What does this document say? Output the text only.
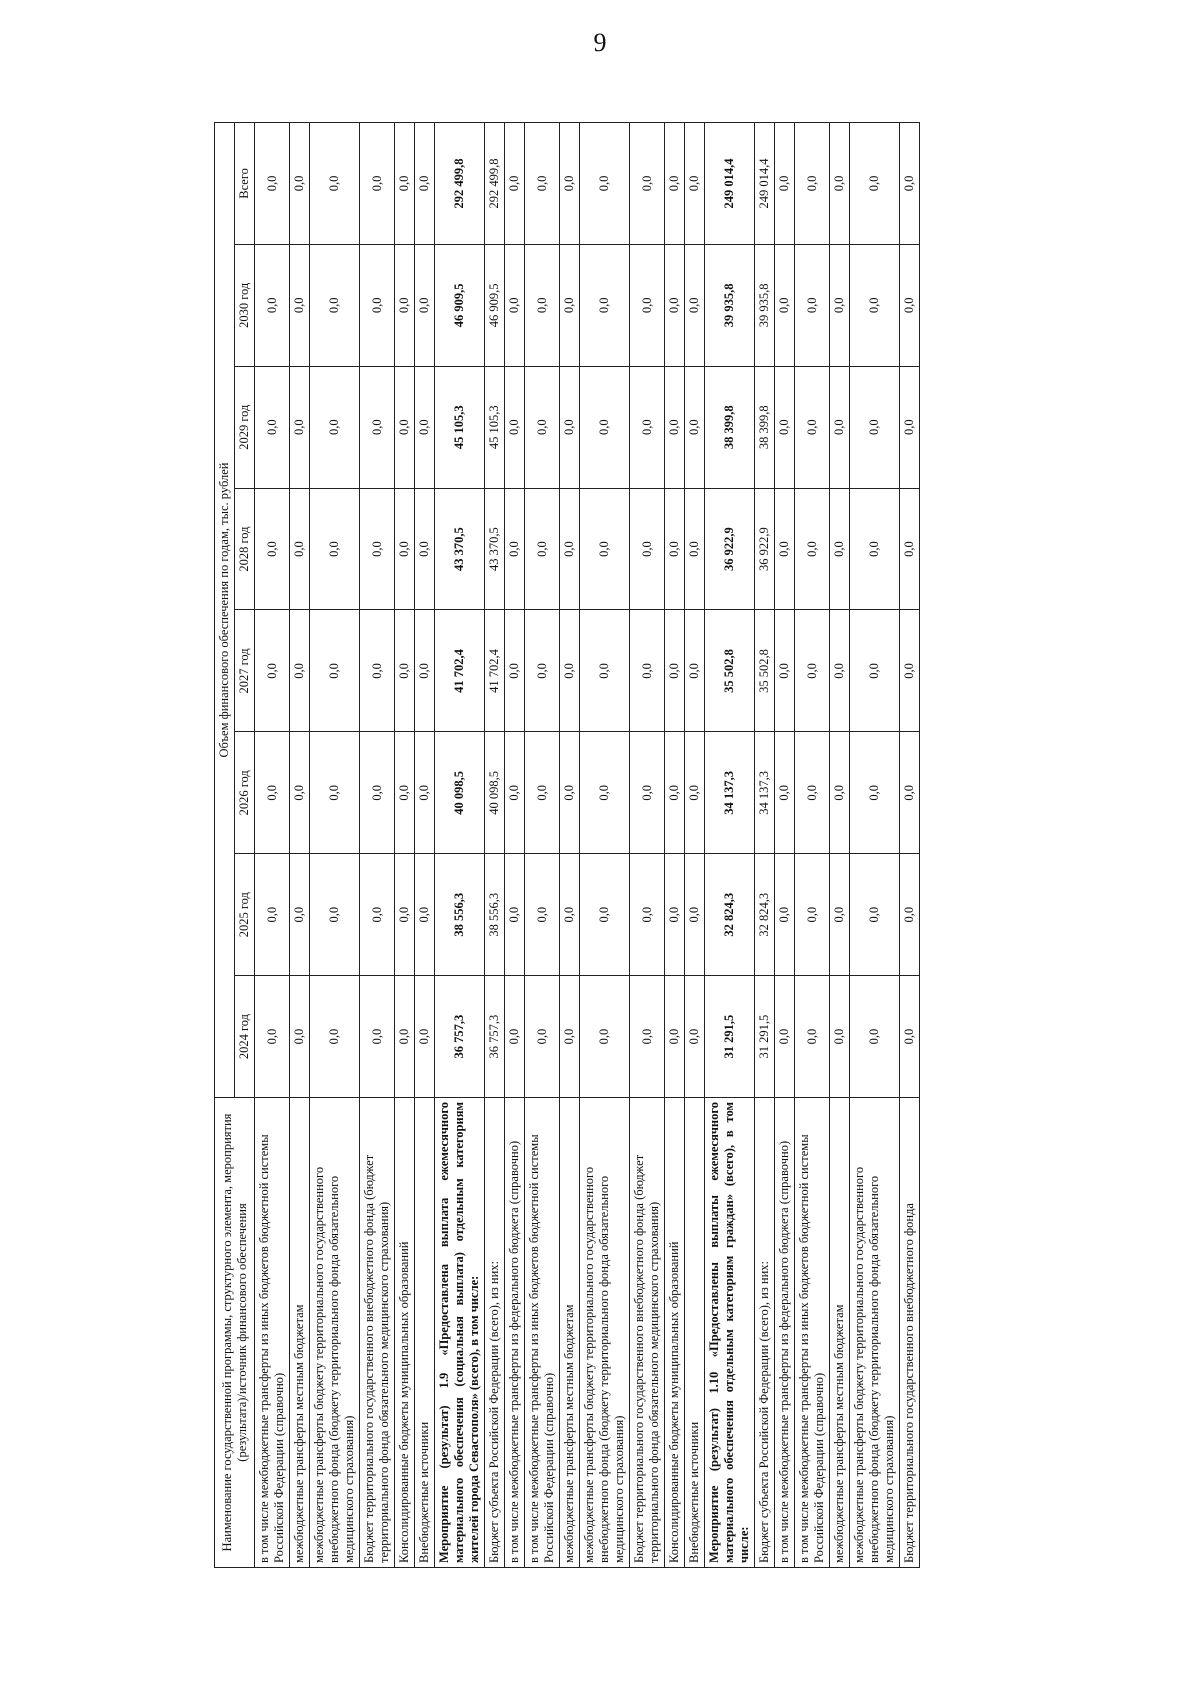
9
Наименование государственной программы, структурного элемента, мероприятия (результата)/источник финансового обеспечения	Объем финансового обеспечения по годам, тыс. рублей							
	2024 год	2025 год	2026 год	2027 год	2028 год	2029 год	2030 год	Всего
в том числе межбюджетные трансферты из иных бюджетов бюджетной системы Российской Федерации (справочно)	0,0	0,0	0,0	0,0	0,0	0,0	0,0	0,0
межбюджетные трансферты местным бюджетам	0,0	0,0	0,0	0,0	0,0	0,0	0,0	0,0
межбюджетные трансферты бюджету территориального государственного внебюджетного фонда (бюджету территориального фонда обязательного медицинского страхования)	0,0	0,0	0,0	0,0	0,0	0,0	0,0	0,0
Бюджет территориального государственного внебюджетного фонда (бюджет территориального фонда обязательного медицинского страхования)	0,0	0,0	0,0	0,0	0,0	0,0	0,0	0,0
Консолидированные бюджеты муниципальных образований	0,0	0,0	0,0	0,0	0,0	0,0	0,0	0,0
Внебюджетные источники	0,0	0,0	0,0	0,0	0,0	0,0	0,0	0,0
Мероприятие (результат) 1.9 «Предоставлена выплата ежемесячного материального обеспечения (социальная выплата) отдельным категориям жителей города Севастополя» (всего), в том числе:	36 757,3	38 556,3	40 098,5	41 702,4	43 370,5	45 105,3	46 909,5	292 499,8
Бюджет субъекта Российской Федерации (всего), из них:	36 757,3	38 556,3	40 098,5	41 702,4	43 370,5	45 105,3	46 909,5	292 499,8
в том числе межбюджетные трансферты из федерального бюджета (справочно)	0,0	0,0	0,0	0,0	0,0	0,0	0,0	0,0
в том числе межбюджетные трансферты из иных бюджетов бюджетной системы Российской Федерации (справочно)	0,0	0,0	0,0	0,0	0,0	0,0	0,0	0,0
межбюджетные трансферты местным бюджетам	0,0	0,0	0,0	0,0	0,0	0,0	0,0	0,0
межбюджетные трансферты бюджету территориального государственного внебюджетного фонда (бюджету территориального фонда обязательного медицинского страхования)	0,0	0,0	0,0	0,0	0,0	0,0	0,0	0,0
Бюджет территориального государственного внебюджетного фонда (бюджет территориального фонда обязательного медицинского страхования)	0,0	0,0	0,0	0,0	0,0	0,0	0,0	0,0
Консолидированные бюджеты муниципальных образований	0,0	0,0	0,0	0,0	0,0	0,0	0,0	0,0
Внебюджетные источники	0,0	0,0	0,0	0,0	0,0	0,0	0,0	0,0
Мероприятие (результат) 1.10 «Предоставлены выплаты ежемесячного материального обеспечения отдельным категориям граждан» (всего), в том числе:	31 291,5	32 824,3	34 137,3	35 502,8	36 922,9	38 399,8	39 935,8	249 014,4
Бюджет субъекта Российской Федерации (всего), из них:	31 291,5	32 824,3	34 137,3	35 502,8	36 922,9	38 399,8	39 935,8	249 014,4
в том числе межбюджетные трансферты из федерального бюджета (справочно)	0,0	0,0	0,0	0,0	0,0	0,0	0,0	0,0
в том числе межбюджетные трансферты из иных бюджетов бюджетной системы Российской Федерации (справочно)	0,0	0,0	0,0	0,0	0,0	0,0	0,0	0,0
межбюджетные трансферты местным бюджетам	0,0	0,0	0,0	0,0	0,0	0,0	0,0	0,0
межбюджетные трансферты бюджету территориального государственного внебюджетного фонда (бюджету территориального фонда обязательного медицинского страхования)	0,0	0,0	0,0	0,0	0,0	0,0	0,0	0,0
Бюджет территориального государственного внебюджетного фонда	0,0	0,0	0,0	0,0	0,0	0,0	0,0	0,0
